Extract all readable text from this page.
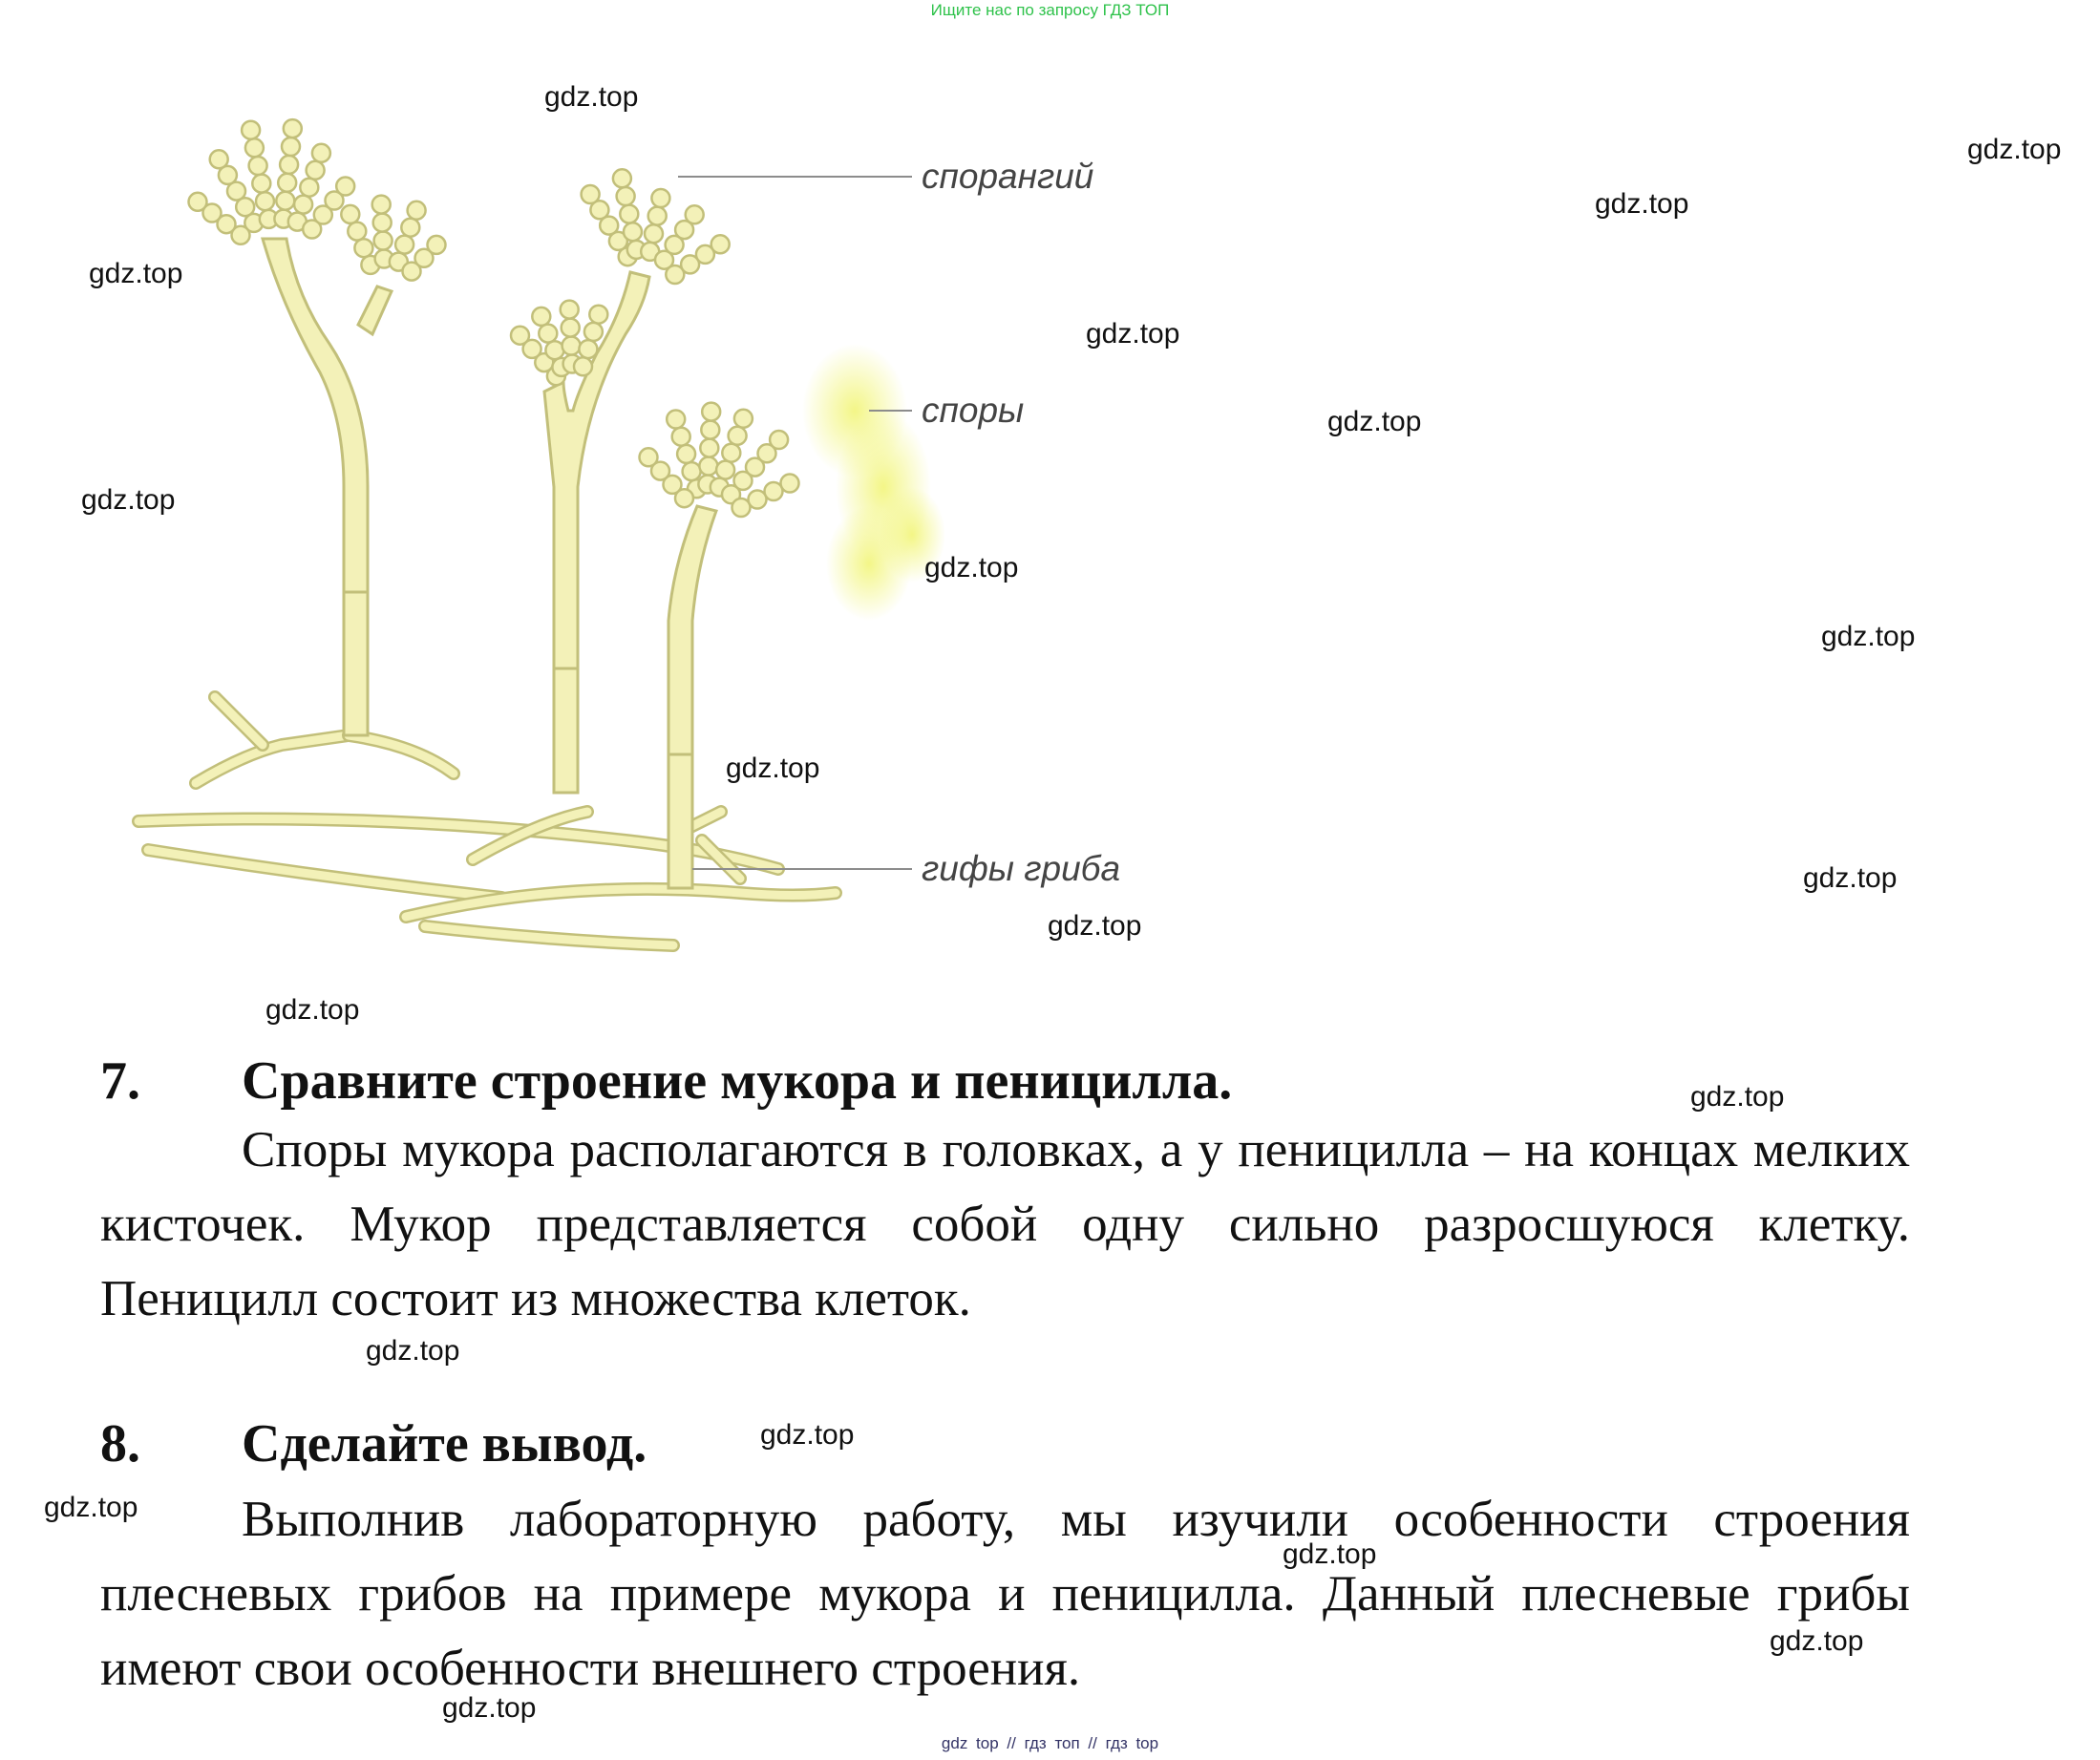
Ищите нас по запросу ГДЗ ТОП
спорангий
споры
гифы гриба
7. Сравните строение мукора и пеницилла.
Споры мукора располагаются в головках, а у пеницилла – на концах мелких кисточек. Мукор представляется собой одну сильно разросшуюся клетку. Пеницилл состоит из множества клеток.
8. Сделайте вывод.
Выполнив лабораторную работу, мы изучили особенности строения плесневых грибов на примере мукора и пеницилла. Данный плесневые грибы имеют свои особенности внешнего строения.
gdz.top
gdz.top
gdz.top
gdz.top
gdz.top
gdz.top
gdz.top
gdz.top
gdz.top
gdz.top
gdz.top
gdz.top
gdz.top
gdz.top
gdz.top
gdz.top
gdz.top
gdz.top
gdz.top
gdz.top
gdz top // гдз топ // гдз top
